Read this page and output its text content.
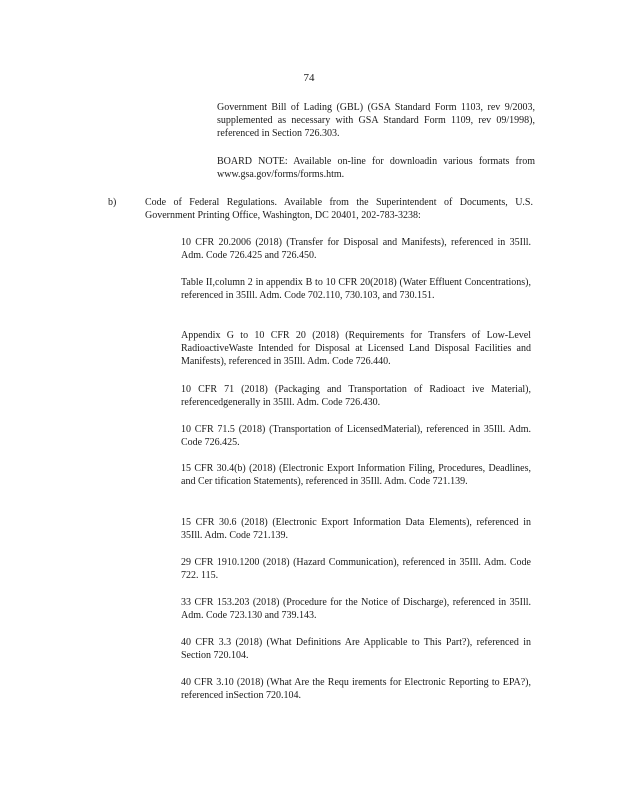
74

Government Bill of Lading (GBL) (GSA Standard Form 1103, rev 9/2003, supplemented as necessary with GSA Standard Form 1109, rev 09/1998), referenced in Section 726.303.

BOARD NOTE: Available on-line for downloadin various formats from www.gsa.gov/forms/forms.htm.

b)	Code of Federal Regulations. Available from the Superintendent of Documents, U.S. Government Printing Office, Washington, DC 20401, 202-783-3238:

10 CFR 20.2006 (2018) (Transfer for Disposal and Manifests), referenced in 35Ill. Adm. Code 726.425 and 726.450.

Table II,column 2 in appendix B to 10 CFR 20(2018) (Water Effluent Concentrations), referenced in 35Ill. Adm. Code 702.110, 730.103, and 730.151.

Appendix G to 10 CFR 20 (2018) (Requirements for Transfers of Low-Level RadioactiveWaste Intended for Disposal at Licensed Land Disposal Facilities and Manifests), referenced in 35Ill. Adm. Code 726.440.

10 CFR 71 (2018) (Packaging and Transportation of Radioact ive Material), referencedgenerally in 35Ill. Adm. Code 726.430.

10 CFR 71.5 (2018) (Transportation of LicensedMaterial), referenced in 35Ill. Adm. Code 726.425.

15 CFR 30.4(b) (2018) (Electronic Export Information Filing, Procedures, Deadlines, and Cer tification Statements), referenced in 35Ill. Adm. Code 721.139.

15 CFR 30.6 (2018) (Electronic Export Information Data Elements), referenced in 35Ill. Adm. Code 721.139.

29 CFR 1910.1200 (2018) (Hazard Communication), referenced in 35Ill. Adm. Code 722. 115.

33 CFR 153.203 (2018) (Procedure for the Notice of Discharge), referenced in 35Ill. Adm. Code 723.130 and 739.143.

40 CFR 3.3 (2018) (What Definitions Are Applicable to This Part?), referenced in Section 720.104.

40 CFR 3.10 (2018) (What Are the Requ irements for Electronic Reporting to EPA?), referenced inSection 720.104.
